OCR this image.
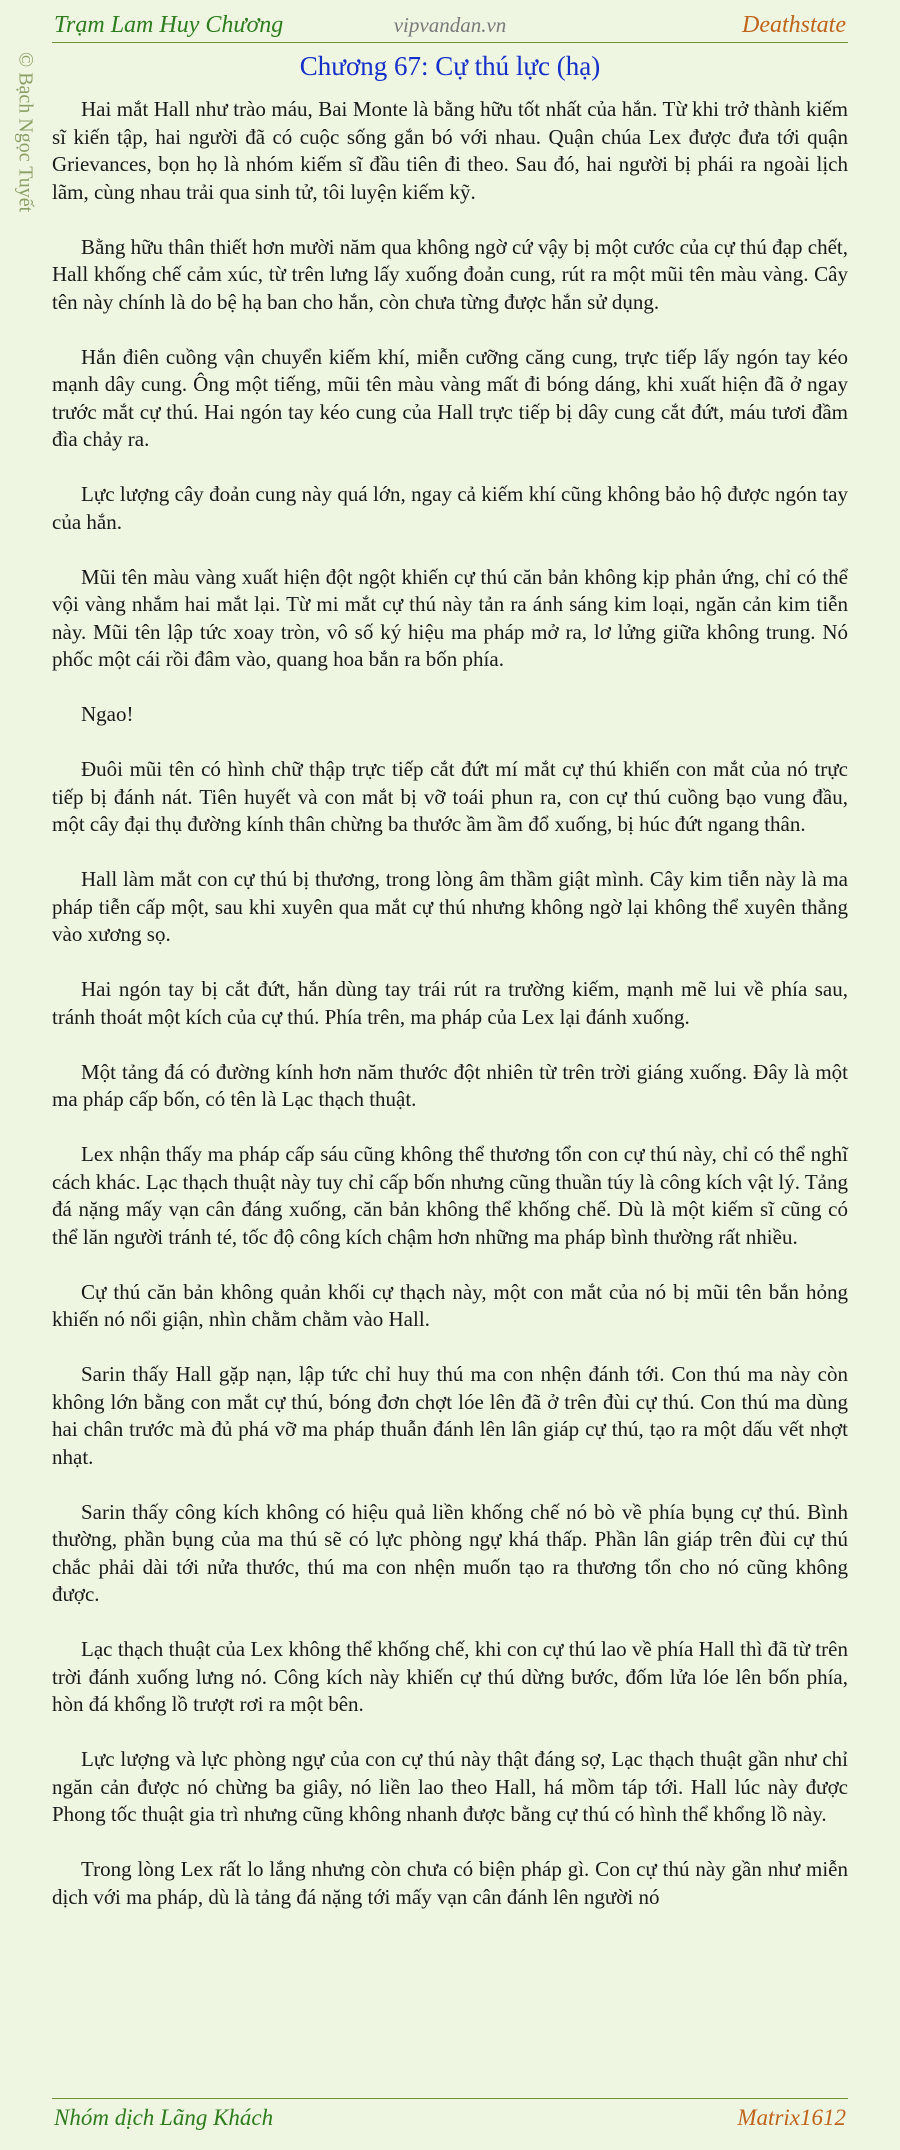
Trạm Lam Huy Chương	vipvandan.vn	Deathstate
© Bạch Ngọc Tuyết	Chương 67: Cự thú lực (hạ)

Hai mắt Hall như trào máu, Bai Monte là bằng hữu tốt nhất của hắn. Từ khi trở thành kiếm sĩ kiến tập, hai người đã có cuộc sống gắn bó với nhau. Quận chúa Lex được đưa tới quận Grievances, bọn họ là nhóm kiếm sĩ đầu tiên đi theo. Sau đó, hai người bị phái ra ngoài lịch lãm, cùng nhau trải qua sinh tử, tôi luyện kiếm kỹ.

Bằng hữu thân thiết hơn mười năm qua không ngờ cứ vậy bị một cước của cự thú đạp chết, Hall khống chế cảm xúc, từ trên lưng lấy xuống đoản cung, rút ra một mũi tên màu vàng. Cây tên này chính là do bệ hạ ban cho hắn, còn chưa từng được hắn sử dụng.

Hắn điên cuồng vận chuyển kiếm khí, miễn cưỡng căng cung, trực tiếp lấy ngón tay kéo mạnh dây cung. Ông một tiếng, mũi tên màu vàng mất đi bóng dáng, khi xuất hiện đã ở ngay trước mắt cự thú. Hai ngón tay kéo cung của Hall trực tiếp bị dây cung cắt đứt, máu tươi đầm đìa chảy ra.

Lực lượng cây đoản cung này quá lớn, ngay cả kiếm khí cũng không bảo hộ được ngón tay của hắn.

Mũi tên màu vàng xuất hiện đột ngột khiến cự thú căn bản không kịp phản ứng, chỉ có thể vội vàng nhắm hai mắt lại. Từ mi mắt cự thú này tản ra ánh sáng kim loại, ngăn cản kim tiễn này. Mũi tên lập tức xoay tròn, vô số ký hiệu ma pháp mở ra, lơ lửng giữa không trung. Nó phốc một cái rồi đâm vào, quang hoa bắn ra bốn phía.

Ngao!

Đuôi mũi tên có hình chữ thập trực tiếp cắt đứt mí mắt cự thú khiến con mắt của nó trực tiếp bị đánh nát. Tiên huyết và con mắt bị vỡ toái phun ra, con cự thú cuồng bạo vung đầu, một cây đại thụ đường kính thân chừng ba thước ầm ầm đổ xuống, bị húc đứt ngang thân.

Hall làm mắt con cự thú bị thương, trong lòng âm thầm giật mình. Cây kim tiễn này là ma pháp tiễn cấp một, sau khi xuyên qua mắt cự thú nhưng không ngờ lại không thể xuyên thẳng vào xương sọ.

Hai ngón tay bị cắt đứt, hắn dùng tay trái rút ra trường kiếm, mạnh mẽ lui về phía sau, tránh thoát một kích của cự thú. Phía trên, ma pháp của Lex lại đánh xuống.

Một tảng đá có đường kính hơn năm thước đột nhiên từ trên trời giáng xuống. Đây là một ma pháp cấp bốn, có tên là Lạc thạch thuật.

Lex nhận thấy ma pháp cấp sáu cũng không thể thương tổn con cự thú này, chỉ có thể nghĩ cách khác. Lạc thạch thuật này tuy chỉ cấp bốn nhưng cũng thuần túy là công kích vật lý. Tảng đá nặng mấy vạn cân đáng xuống, căn bản không thể khống chế. Dù là một kiếm sĩ cũng có thể lăn người tránh té, tốc độ công kích chậm hơn những ma pháp bình thường rất nhiều.

Cự thú căn bản không quản khối cự thạch này, một con mắt của nó bị mũi tên bắn hỏng khiến nó nổi giận, nhìn chằm chằm vào Hall.

Sarin thấy Hall gặp nạn, lập tức chỉ huy thú ma con nhện đánh tới. Con thú ma này còn không lớn bằng con mắt cự thú, bóng đơn chợt lóe lên đã ở trên đùi cự thú. Con thú ma dùng hai chân trước mà đủ phá vỡ ma pháp thuẫn đánh lên lân giáp cự thú, tạo ra một dấu vết nhợt nhạt.

Sarin thấy công kích không có hiệu quả liền khống chế nó bò về phía bụng cự thú. Bình thường, phần bụng của ma thú sẽ có lực phòng ngự khá thấp. Phần lân giáp trên đùi cự thú chắc phải dài tới nửa thước, thú ma con nhện muốn tạo ra thương tổn cho nó cũng không được.

Lạc thạch thuật của Lex không thể khống chế, khi con cự thú lao về phía Hall thì đã từ trên trời đánh xuống lưng nó. Công kích này khiến cự thú dừng bước, đốm lửa lóe lên bốn phía, hòn đá khổng lồ trượt rơi ra một bên.

Lực lượng và lực phòng ngự của con cự thú này thật đáng sợ, Lạc thạch thuật gần như chỉ ngăn cản được nó chừng ba giây, nó liền lao theo Hall, há mồm táp tới. Hall lúc này được Phong tốc thuật gia trì nhưng cũng không nhanh được bằng cự thú có hình thể khổng lồ này.

Trong lòng Lex rất lo lắng nhưng còn chưa có biện pháp gì. Con cự thú này gần như miễn dịch với ma pháp, dù là tảng đá nặng tới mấy vạn cân đánh lên người nó

Nhóm dịch Lãng Khách	Matrix1612
